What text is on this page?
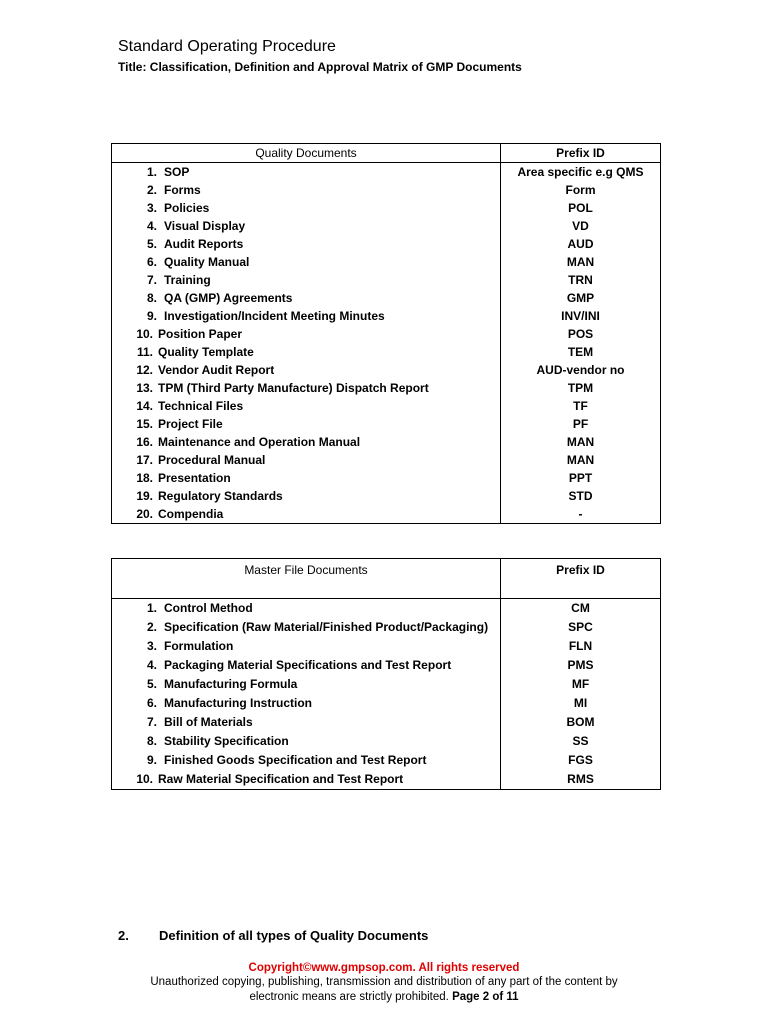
Standard Operating Procedure
Title: Classification, Definition and Approval Matrix of GMP Documents
Quality Documents	Prefix ID

1. SOP	Area specific e.g QMS

2. Forms	Form

3. Policies	POL

4. Visual Display	VD

5. Audit Reports	AUD

6. Quality Manual	MAN

7. Training	TRN

8. QA (GMP) Agreements	GMP

9. Investigation/Incident Meeting Minutes	INV/INI

10. Position Paper	POS

11. Quality Template	TEM

12. Vendor Audit Report	AUD-vendor no

13. TPM (Third Party Manufacture) Dispatch Report	TPM

14. Technical Files	TF

15. Project File	PF

16. Maintenance and Operation Manual	MAN

17. Procedural Manual	MAN

18. Presentation	PPT

19. Regulatory Standards	STD

20. Compendia	-
Master File Documents	Prefix ID

1. Control Method	CM

2. Specification (Raw Material/Finished Product/Packaging)	SPC

3. Formulation	FLN

4. Packaging Material Specifications and Test Report	PMS

5. Manufacturing Formula	MF

6. Manufacturing Instruction	MI

7. Bill of Materials	BOM

8. Stability Specification	SS

9. Finished Goods Specification and Test Report	FGS

10. Raw Material Specification and Test Report	RMS
2. Definition of all types of Quality Documents
Copyright©www.gmpsop.com. All rights reserved
Unauthorized copying, publishing, transmission and distribution of any part of the content by
electronic means are strictly prohibited. Page 2 of 11
